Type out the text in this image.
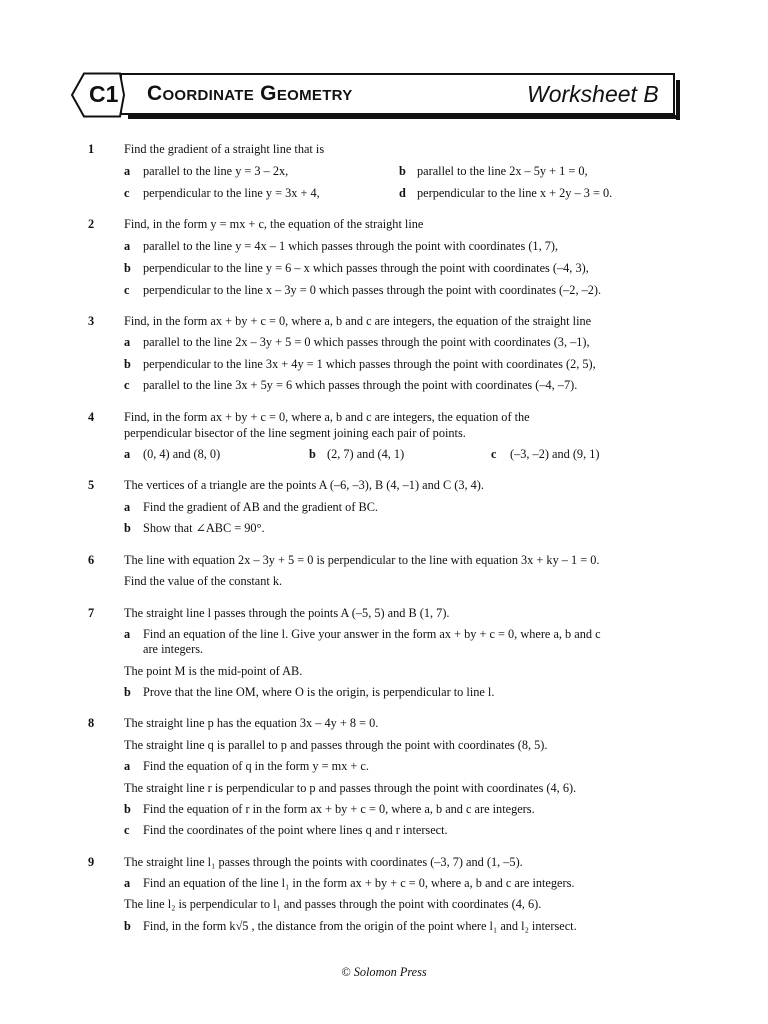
C1 Coordinate Geometry	Worksheet B
1 Find the gradient of a straight line that is
a parallel to the line y = 3 – 2x,	b parallel to the line 2x – 5y + 1 = 0,
c perpendicular to the line y = 3x + 4,	d perpendicular to the line x + 2y – 3 = 0.
2 Find, in the form y = mx + c, the equation of the straight line
a parallel to the line y = 4x – 1 which passes through the point with coordinates (1, 7),
b perpendicular to the line y = 6 – x which passes through the point with coordinates (–4, 3),
c perpendicular to the line x – 3y = 0 which passes through the point with coordinates (–2, –2).
3 Find, in the form ax + by + c = 0, where a, b and c are integers, the equation of the straight line
a parallel to the line 2x – 3y + 5 = 0 which passes through the point with coordinates (3, –1),
b perpendicular to the line 3x + 4y = 1 which passes through the point with coordinates (2, 5),
c parallel to the line 3x + 5y = 6 which passes through the point with coordinates (–4, –7).
4 Find, in the form ax + by + c = 0, where a, b and c are integers, the equation of the
perpendicular bisector of the line segment joining each pair of points.
a (0, 4) and (8, 0)	b (2, 7) and (4, 1)	c (–3, –2) and (9, 1)
5 The vertices of a triangle are the points A (–6, –3), B (4, –1) and C (3, 4).
a Find the gradient of AB and the gradient of BC.
b Show that ∠ABC = 90°.
6 The line with equation 2x – 3y + 5 = 0 is perpendicular to the line with equation 3x + ky – 1 = 0.
Find the value of the constant k.
7 The straight line l passes through the points A (–5, 5) and B (1, 7).
a Find an equation of the line l. Give your answer in the form ax + by + c = 0, where a, b and c
are integers.
The point M is the mid-point of AB.
b Prove that the line OM, where O is the origin, is perpendicular to line l.
8 The straight line p has the equation 3x – 4y + 8 = 0.
The straight line q is parallel to p and passes through the point with coordinates (8, 5).
a Find the equation of q in the form y = mx + c.
The straight line r is perpendicular to p and passes through the point with coordinates (4, 6).
b Find the equation of r in the form ax + by + c = 0, where a, b and c are integers.
c Find the coordinates of the point where lines q and r intersect.
9 The straight line l₁ passes through the points with coordinates (–3, 7) and (1, –5).
a Find an equation of the line l₁ in the form ax + by + c = 0, where a, b and c are integers.
The line l₂ is perpendicular to l₁ and passes through the point with coordinates (4, 6).
b Find, in the form k√5 , the distance from the origin of the point where l₁ and l₂ intersect.
© Solomon Press
